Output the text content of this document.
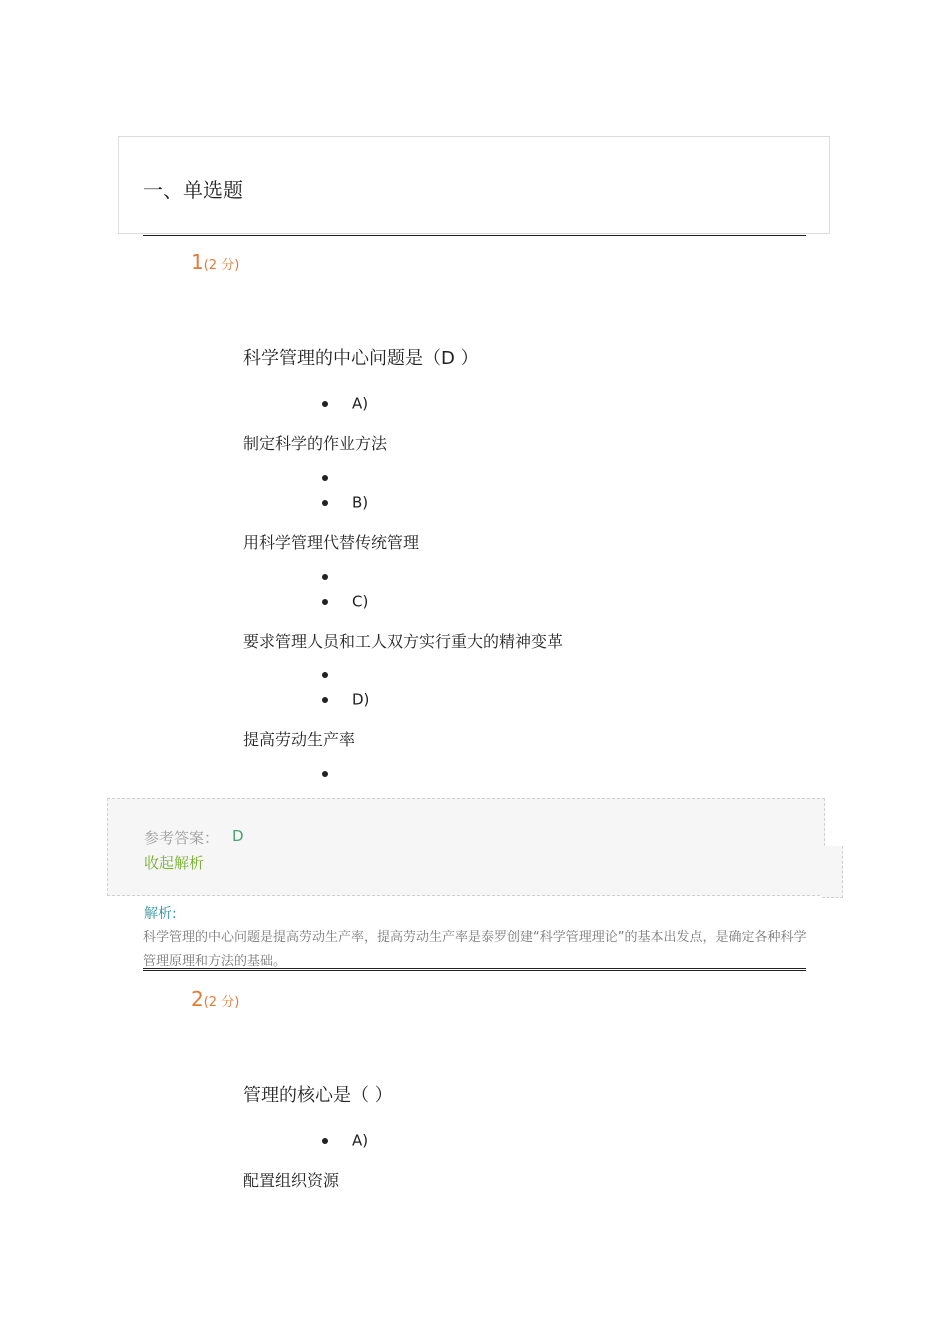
一、单选题
1(2 分)
科学管理的中心问题是（D ）
A)
制定科学的作业方法
B)
用科学管理代替传统管理
C)
要求管理人员和工人双方实行重大的精神变革
D)
提高劳动生产率
参考答案： D
收起解析
解析:
科学管理的中心问题是提高劳动生产率，提高劳动生产率是泰罗创建“科学管理理论”的基本出发点，是确定各种科学管理原理和方法的基础。
2(2 分)
管理的核心是（ ）
A)
配置组织资源
